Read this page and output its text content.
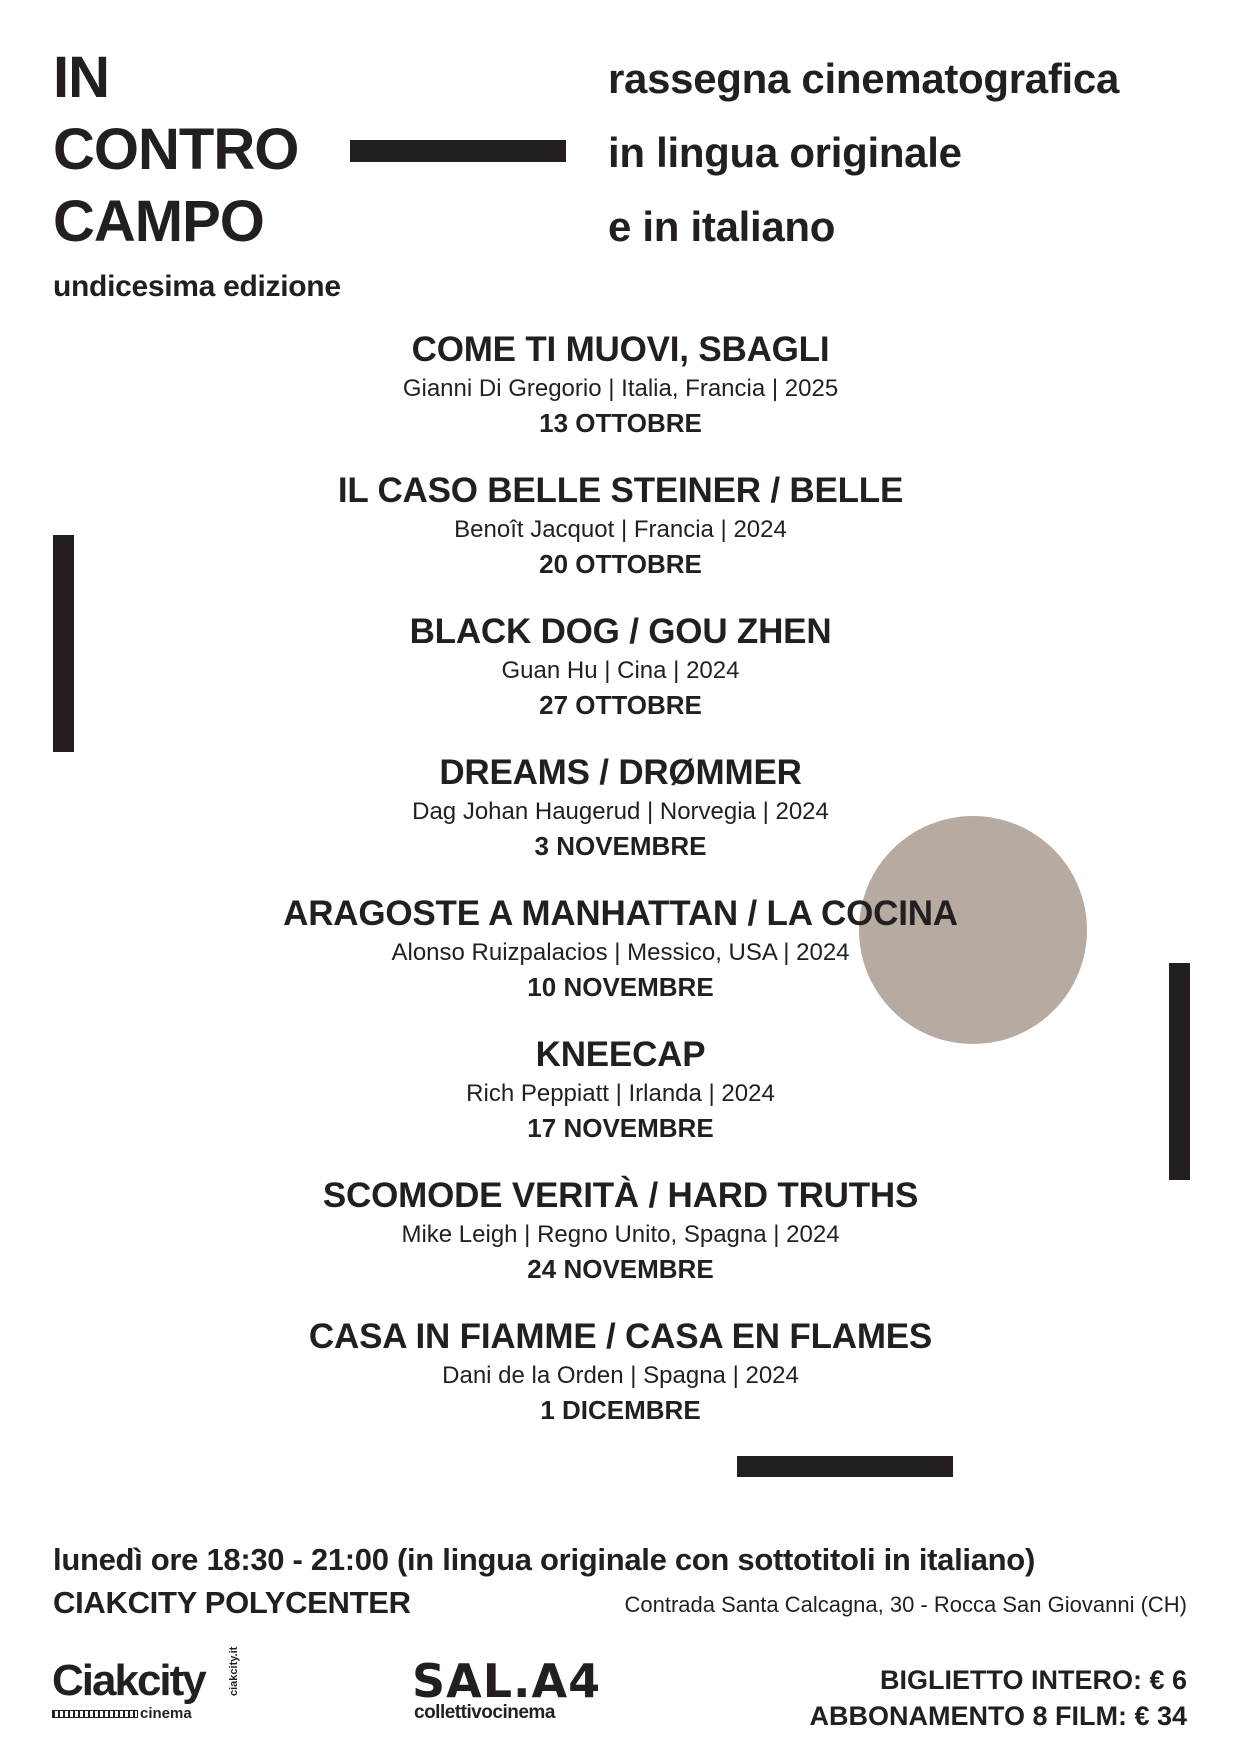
IN
CONTRO
CAMPO
undicesima edizione
rassegna cinematografica
in lingua originale
e in italiano
COME TI MUOVI, SBAGLI
Gianni Di Gregorio | Italia, Francia | 2025
13 OTTOBRE
IL CASO BELLE STEINER / BELLE
Benoît Jacquot | Francia | 2024
20 OTTOBRE
BLACK DOG / GOU ZHEN
Guan Hu | Cina | 2024
27 OTTOBRE
DREAMS / DRØMMER
Dag Johan Haugerud | Norvegia | 2024
3 NOVEMBRE
ARAGOSTE A MANHATTAN / LA COCINA
Alonso Ruizpalacios | Messico, USA | 2024
10 NOVEMBRE
KNEECAP
Rich Peppiatt | Irlanda | 2024
17 NOVEMBRE
SCOMODE VERITÀ / HARD TRUTHS
Mike Leigh | Regno Unito, Spagna | 2024
24 NOVEMBRE
CASA IN FIAMME / CASA EN FLAMES
Dani de la Orden | Spagna | 2024
1 DICEMBRE
lunedì ore 18:30 - 21:00 (in lingua originale con sottotitoli in italiano)
CIAKCITY POLYCENTER	Contrada Santa Calcagna, 30 - Rocca San Giovanni (CH)
Ciakcity
cinema
ciakcity.it	SAL.A4
collettivocinema
BIGLIETTO INTERO: € 6
ABBONAMENTO 8 FILM: € 34
